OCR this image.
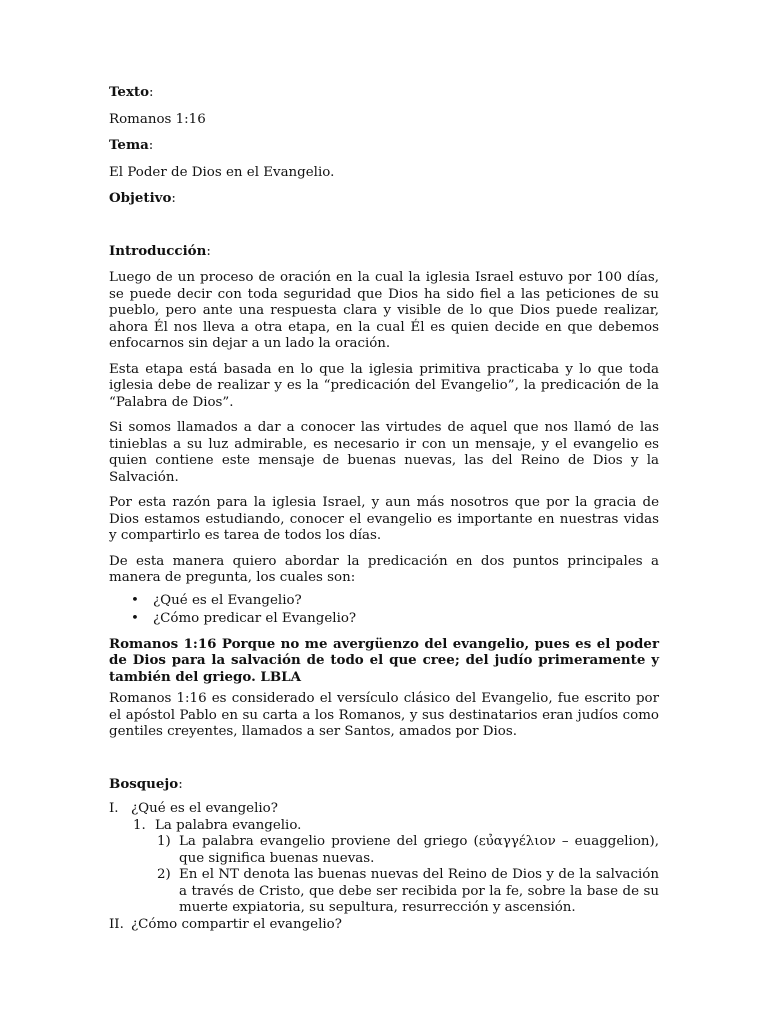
Texto:

Romanos 1:16

Tema:

El Poder de Dios en el Evangelio.

Objetivo:

Introducción:

Luego de un proceso de oración en la cual la iglesia Israel estuvo por 100 días, se puede decir con toda seguridad que Dios ha sido fiel a las peticiones de su pueblo, pero ante una respuesta clara y visible de lo que Dios puede realizar, ahora Él nos lleva a otra etapa, en la cual Él es quien decide en que debemos enfocarnos sin dejar a un lado la oración.

Esta etapa está basada en lo que la iglesia primitiva practicaba y lo que toda iglesia debe de realizar y es la “predicación del Evangelio”, la predicación de la “Palabra de Dios”.

Si somos llamados a dar a conocer las virtudes de aquel que nos llamó de las tinieblas a su luz admirable, es necesario ir con un mensaje, y el evangelio es quien contiene este mensaje de buenas nuevas, las del Reino de Dios y la Salvación.

Por esta razón para la iglesia Israel, y aun más nosotros que por la gracia de Dios estamos estudiando, conocer el evangelio es importante en nuestras vidas y compartirlo es tarea de todos los días.

De esta manera quiero abordar la predicación en dos puntos principales a manera de pregunta, los cuales son:

• ¿Qué es el Evangelio?
• ¿Cómo predicar el Evangelio?

Romanos 1:16 Porque no me avergüenzo del evangelio, pues es el poder de Dios para la salvación de todo el que cree; del judío primeramente y también del griego. LBLA

Romanos 1:16 es considerado el versículo clásico del Evangelio, fue escrito por el apóstol Pablo en su carta a los Romanos, y sus destinatarios eran judíos como gentiles creyentes, llamados a ser Santos, amados por Dios.

Bosquejo:

I. ¿Qué es el evangelio?
1. La palabra evangelio.
1) La palabra evangelio proviene del griego (ευ̉αγγέλιον – euaggelion), que significa buenas nuevas.
2) En el NT denota las buenas nuevas del Reino de Dios y de la salvación a través de Cristo, que debe ser recibida por la fe, sobre la base de su muerte expiatoria, su sepultura, resurrección y ascensión.
II. ¿Cómo compartir el evangelio?
